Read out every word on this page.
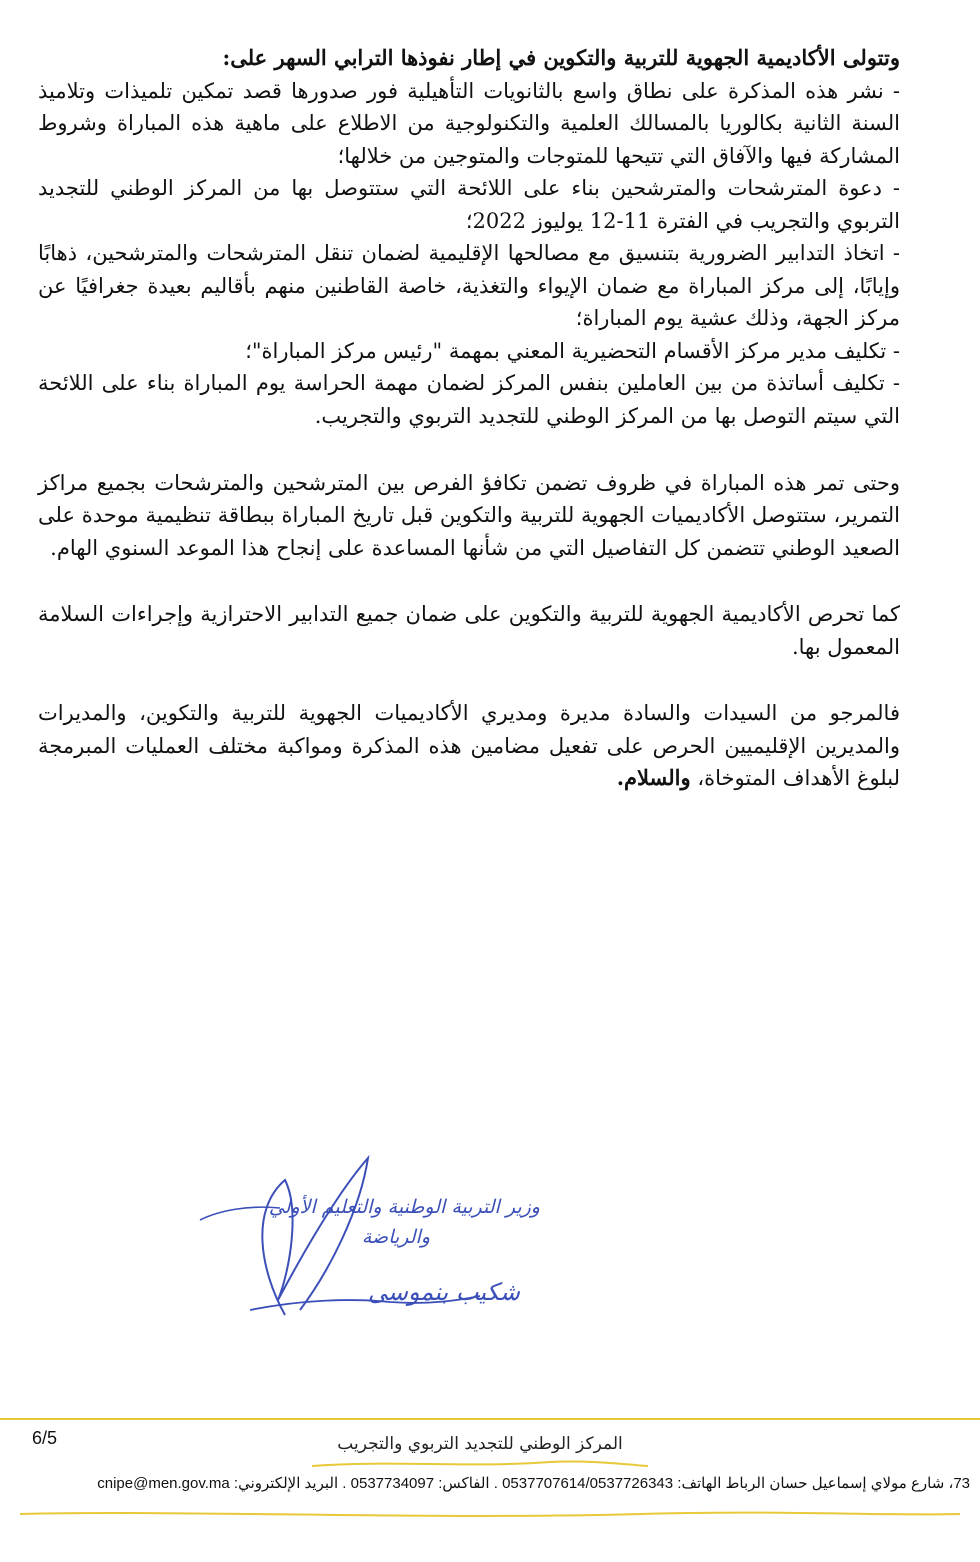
وتتولى الأكاديمية الجهوية للتربية والتكوين في إطار نفوذها الترابي السهر على:

- نشر هذه المذكرة على نطاق واسع بالثانويات التأهيلية فور صدورها قصد تمكين تلميذات وتلاميذ السنة الثانية بكالوريا بالمسالك العلمية والتكنولوجية من الاطلاع على ماهية هذه المباراة وشروط المشاركة فيها والآفاق التي تتيحها للمتوجات والمتوجين من خلالها؛
- دعوة المترشحات والمترشحين بناء على اللائحة التي ستتوصل بها من المركز الوطني للتجديد التربوي والتجريب في الفترة 11-12 يوليوز 2022؛
- اتخاذ التدابير الضرورية بتنسيق مع مصالحها الإقليمية لضمان تنقل المترشحات والمترشحين، ذهابًا وإيابًا، إلى مركز المباراة مع ضمان الإيواء والتغذية، خاصة القاطنين منهم بأقاليم بعيدة جغرافيًا عن مركز الجهة، وذلك عشية يوم المباراة؛
- تكليف مدير مركز الأقسام التحضيرية المعني بمهمة "رئيس مركز المباراة"؛
- تكليف أساتذة من بين العاملين بنفس المركز لضمان مهمة الحراسة يوم المباراة بناء على اللائحة التي سيتم التوصل بها من المركز الوطني للتجديد التربوي والتجريب.

وحتى تمر هذه المباراة في ظروف تضمن تكافؤ الفرص بين المترشحين والمترشحات بجميع مراكز التمرير، ستتوصل الأكاديميات الجهوية للتربية والتكوين قبل تاريخ المباراة ببطاقة تنظيمية موحدة على الصعيد الوطني تتضمن كل التفاصيل التي من شأنها المساعدة على إنجاح هذا الموعد السنوي الهام.

كما تحرص الأكاديمية الجهوية للتربية والتكوين على ضمان جميع التدابير الاحترازية وإجراءات السلامة المعمول بها.

فالمرجو من السيدات والسادة مديرة ومديري الأكاديميات الجهوية للتربية والتكوين، والمديرات والمديرين الإقليميين الحرص على تفعيل مضامين هذه المذكرة ومواكبة مختلف العمليات المبرمجة لبلوغ الأهداف المتوخاة، والسلام.

وزير التربية الوطنية والتعليم الأولي
والرياضة
شكيب بنموسى
6/5	المركز الوطني للتجديد التربوي والتجريب
73، شارع مولاي إسماعيل حسان الرباط الهاتف: 0537707614/0537726343 . الفاكس: 0537734097 . البريد الإلكتروني: cnipe@men.gov.ma
